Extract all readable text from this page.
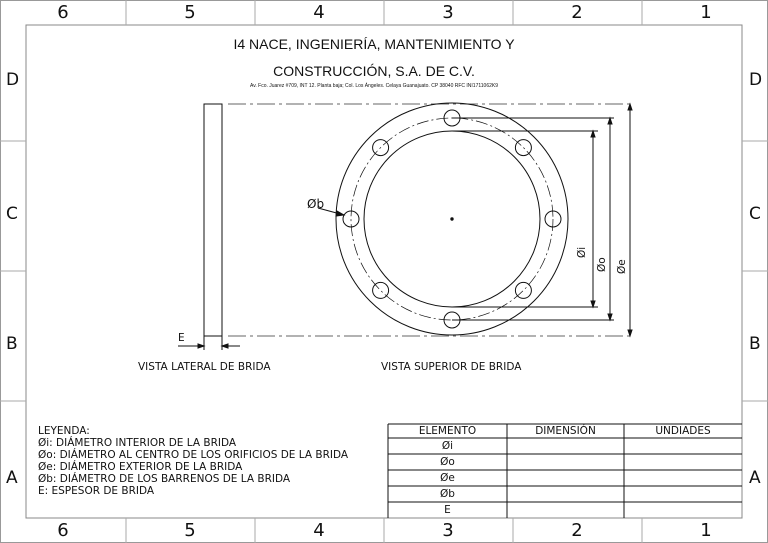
6	5	4	3	2	1
6	5	4	3	2	1
D
C
B
A
D
C
B
A
I4 NACE, INGENIERÍA, MANTENIMIENTO Y
CONSTRUCCIÓN, S.A. DE C.V.
Av. Fco. Juarez #709, INT 12. Planta baja; Col. Los Ángeles. Celaya Guanajuato. CP 38040 RFC INI1711062K9
E
Øb
Øi
Øo Øe
VISTA LATERAL DE BRIDA	VISTA SUPERIOR DE BRIDA
LEYENDA:
Øi: DIÁMETRO INTERIOR DE LA BRIDA
Øo: DIÁMETRO AL CENTRO DE LOS ORIFICIOS DE LA BRIDA
Øe: DIÁMETRO EXTERIOR DE LA BRIDA
Øb: DIÁMETRO DE LOS BARRENOS DE LA BRIDA
E: ESPESOR DE BRIDA
ELEMENTO	DIMENSIÓN	UNDIADES
Øi
Øo
Øe
Øb
E
